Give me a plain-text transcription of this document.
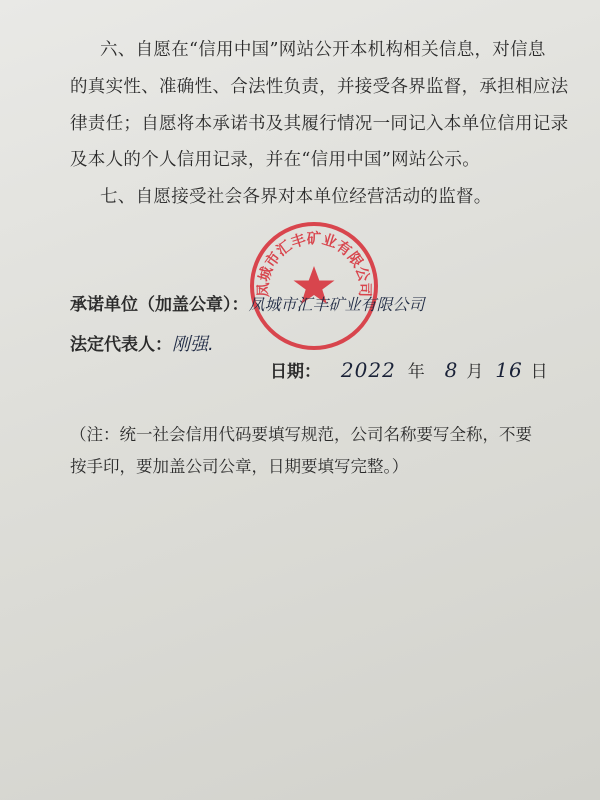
六、自愿在“信用中国”网站公开本机构相关信息，对信息
的真实性、准确性、合法性负责，并接受各界监督，承担相应法
律责任；自愿将本承诺书及其履行情况一同记入本单位信用记录
及本人的个人信用记录，并在“信用中国”网站公示。
七、自愿接受社会各界对本单位经营活动的监督。
凤城市汇丰矿业有限公司
承诺单位（加盖公章）：凤城市汇丰矿业有限公司
法定代表人：刚强.
日期： 2022 年 8 月 16 日
（注：统一社会信用代码要填写规范，公司名称要写全称，不要
按手印，要加盖公司公章，日期要填写完整。）
